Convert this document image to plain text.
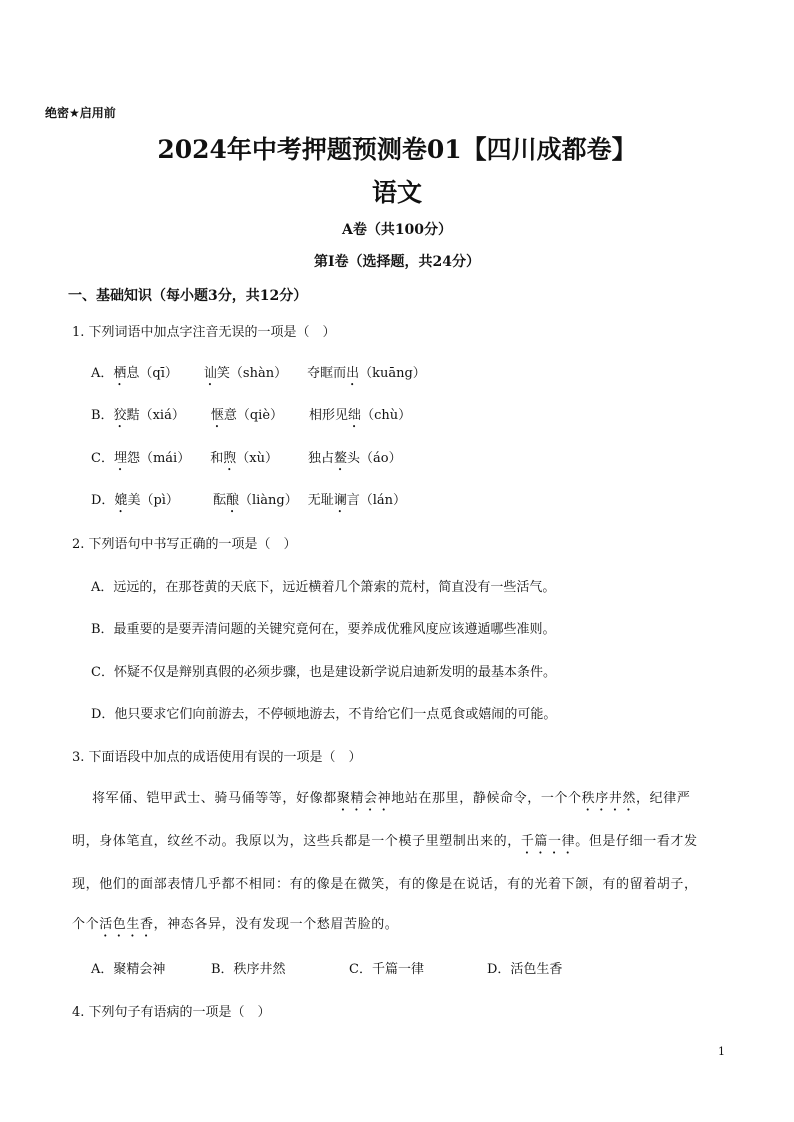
绝密★启用前
2024年中考押题预测卷01【四川成都卷】
语文
A卷（共100分）
第Ⅰ卷（选择题，共24分）
一、基础知识（每小题3分，共12分）
1. 下列词语中加点字注音无误的一项是（　）
A．栖息（qī） 讪笑（shàn） 夺眶而出（kuāng）
B．狡黠（xiá） 惬意（qiè） 相形见绌（chù）
C．埋怨（mái） 和煦（xù） 独占鳌头（áo）
D．媲美（pì）	酝酿（liàng） 无耻谰言（lán）
2. 下列语句中书写正确的一项是（　）
A．远远的，在那苍黄的天底下，远近横着几个箫索的荒村，简直没有一些活气。
B．最重要的是要弄清问题的关键究竟何在，要养成优雅风度应该遵遁哪些准则。
C．怀疑不仅是辩别真假的必须步骤，也是建设新学说启迪新发明的最基本条件。
D．他只要求它们向前游去，不停顿地游去，不肯给它们一点觅食或嬉闹的可能。
3. 下面语段中加点的成语使用有误的一项是（　）
将军俑、铠甲武士、骑马俑等等，好像都聚精会神地站在那里，静候命令，一个个秩序井然，纪律严
明，身体笔直，纹丝不动。我原以为，这些兵都是一个模子里塑制出来的，千篇一律。但是仔细一看才发
现，他们的面部表情几乎都不相同：有的像是在微笑，有的像是在说话，有的光着下颌，有的留着胡子，
个个活色生香，神态各异，没有发现一个愁眉苦脸的。
A．聚精会神	B．秩序井然	C．千篇一律	D．活色生香
4. 下列句子有语病的一项是（　）
1
